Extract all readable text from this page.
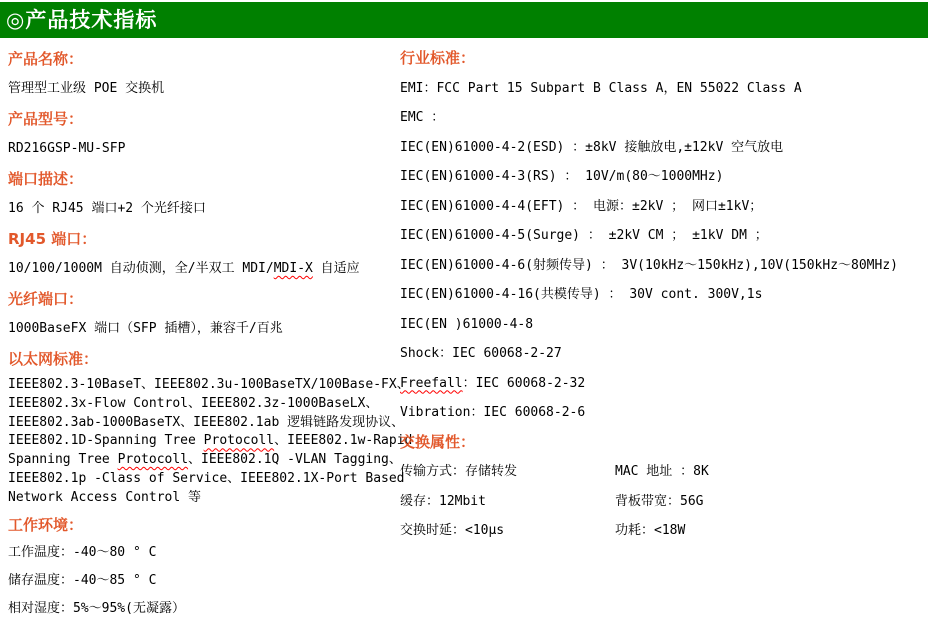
◎产品技术指标
产品名称：
管理型工业级 POE 交换机
产品型号：
RD216GSP-MU-SFP
端口描述：
16 个 RJ45 端口+2 个光纤接口
RJ45 端口：
10/100/1000M 自动侦测，全/半双工 MDI/MDI-X 自适应
光纤端口：
1000BaseFX 端口（SFP 插槽），兼容千/百兆
以太网标准：
IEEE802.3-10BaseT、IEEE802.3u-100BaseTX/100Base-FX、
IEEE802.3x-Flow Control、IEEE802.3z-1000BaseLX、
IEEE802.3ab-1000BaseTX、IEEE802.1ab 逻辑链路发现协议、
IEEE802.1D-Spanning Tree Protocoll、IEEE802.1w-Rapid
Spanning Tree Protocoll、IEEE802.1Q -VLAN Tagging、
IEEE802.1p -Class of Service、IEEE802.1X-Port Based
Network Access Control 等
工作环境：
工作温度：-40～80 ° C
储存温度：-40～85 ° C
相对湿度：5%～95%(无凝露）
行业标准：
EMI：FCC Part 15 Subpart B Class A，EN 55022 Class A
EMC ：
IEC(EN)61000-4-2(ESD) ：±8kV 接触放电,±12kV 空气放电
IEC(EN)61000-4-3(RS) ： 10V/m(80～1000MHz)
IEC(EN)61000-4-4(EFT) ： 电源：±2kV ； 网口±1kV；
IEC(EN)61000-4-5(Surge) ： ±2kV CM ； ±1kV DM ；
IEC(EN)61000-4-6(射频传导) ： 3V(10kHz～150kHz),10V(150kHz～80MHz)
IEC(EN)61000-4-16(共模传导) ： 30V cont. 300V,1s
IEC(EN )61000-4-8
Shock：IEC 60068-2-27
Freefall：IEC 60068-2-32
Vibration：IEC 60068-2-6
交换属性：
传输方式：存储转发	MAC 地址 ：8K
缓存：12Mbit	背板带宽：56G
交换时延：<10μs	功耗：<18W
